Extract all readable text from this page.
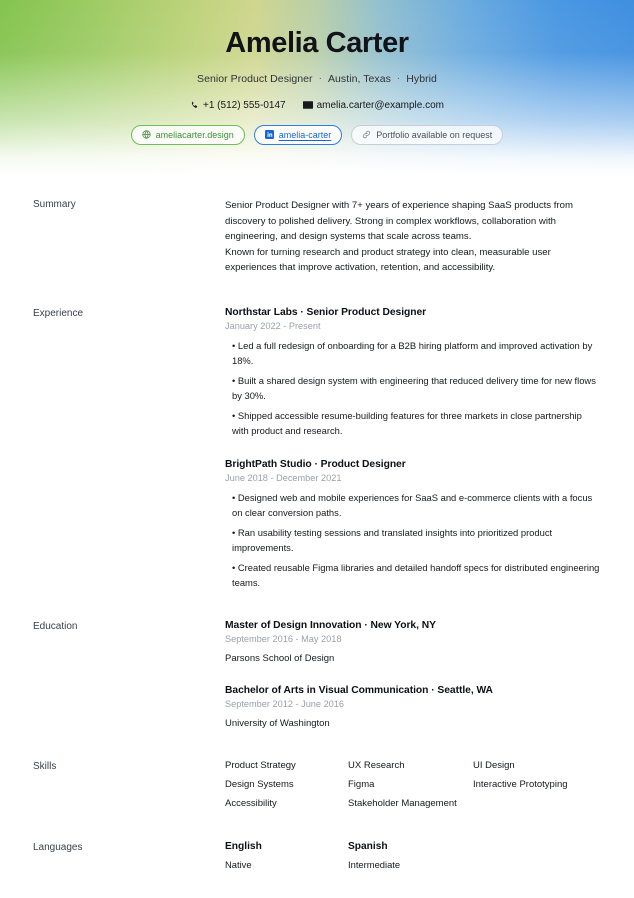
Amelia Carter
Senior Product Designer · Austin, Texas · Hybrid
+1 (512) 555-0147	amelia.carter@example.com
ameliacarter.design	amelia-carter	Portfolio available on request
Summary	Senior Product Designer with 7+ years of experience shaping SaaS products from discovery to polished delivery. Strong in complex workflows, collaboration with engineering, and design systems that scale across teams.
Known for turning research and product strategy into clean, measurable user experiences that improve activation, retention, and accessibility.
Experience	Northstar Labs · Senior Product Designer
January 2022 - Present
• Led a full redesign of onboarding for a B2B hiring platform and improved activation by 18%.
• Built a shared design system with engineering that reduced delivery time for new flows by 30%.
• Shipped accessible resume-building features for three markets in close partnership with product and research.
BrightPath Studio · Product Designer
June 2018 - December 2021
• Designed web and mobile experiences for SaaS and e-commerce clients with a focus on clear conversion paths.
• Ran usability testing sessions and translated insights into prioritized product improvements.
• Created reusable Figma libraries and detailed handoff specs for distributed engineering teams.
Education	Master of Design Innovation · New York, NY
September 2016 - May 2018
Parsons School of Design
Bachelor of Arts in Visual Communication · Seattle, WA
September 2012 - June 2016
University of Washington
Skills	Product Strategy	UX Research	UI Design
Design Systems	Figma	Interactive Prototyping
Accessibility	Stakeholder Management
Languages	English	Spanish
Native	Intermediate
